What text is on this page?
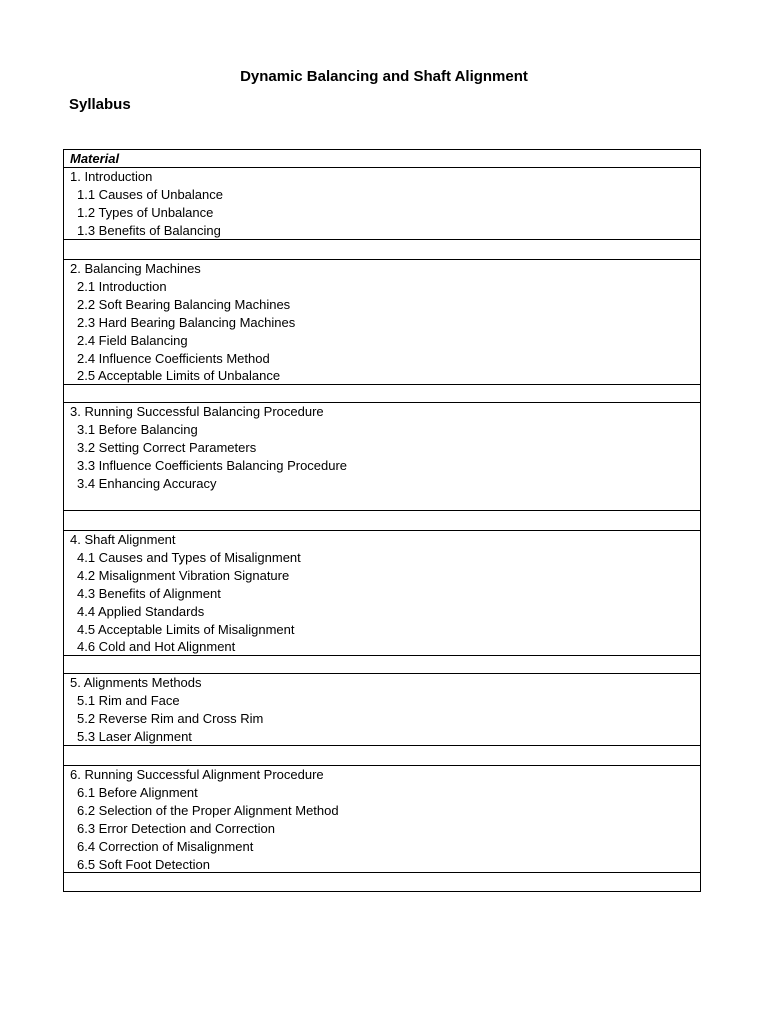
Dynamic Balancing and Shaft Alignment
Syllabus
Material
1. Introduction
1.1 Causes of Unbalance
1.2 Types of Unbalance
1.3 Benefits of Balancing
2. Balancing Machines
2.1 Introduction
2.2 Soft Bearing Balancing Machines
2.3 Hard Bearing Balancing Machines
2.4 Field Balancing
2.4 Influence Coefficients Method
2.5 Acceptable Limits of Unbalance
3. Running Successful Balancing Procedure
3.1 Before Balancing
3.2 Setting Correct Parameters
3.3 Influence Coefficients Balancing Procedure
3.4 Enhancing Accuracy
4. Shaft Alignment
4.1 Causes and Types of Misalignment
4.2 Misalignment Vibration Signature
4.3 Benefits of Alignment
4.4 Applied Standards
4.5 Acceptable Limits of Misalignment
4.6 Cold and Hot Alignment
5. Alignments Methods
5.1 Rim and Face
5.2 Reverse Rim and Cross Rim
5.3 Laser Alignment
6. Running Successful Alignment Procedure
6.1 Before Alignment
6.2 Selection of the Proper Alignment Method
6.3 Error Detection and Correction
6.4 Correction of Misalignment
6.5 Soft Foot Detection
